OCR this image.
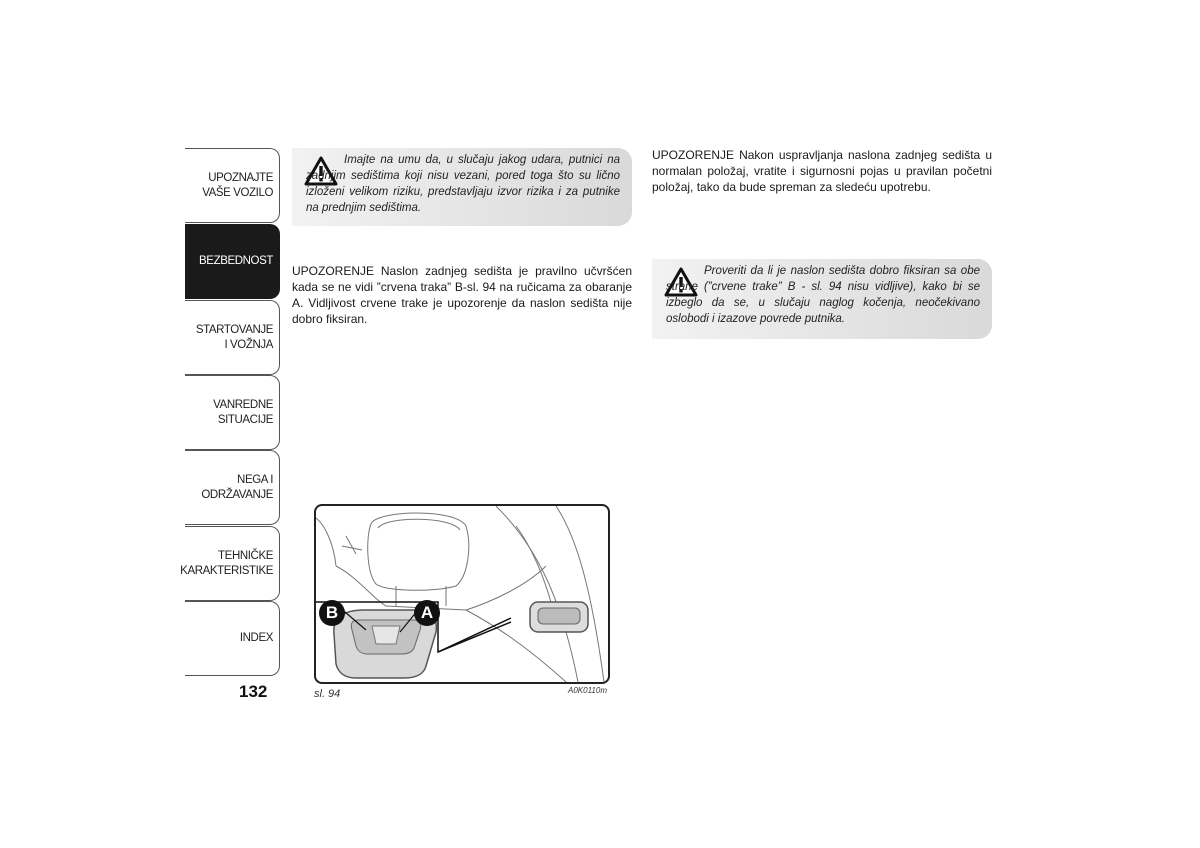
UPOZNAJTE
VAŠE VOZILO
BEZBEDNOST
STARTOVANJE
I VOŽNJA
VANREDNE
SITUACIJE
NEGA I
ODRŽAVANJE
TEHNIČKE
KARAKTERISTIKE
INDEX
132
Imajte na umu da, u slučaju jakog udara, putnici na zadnjim sedištima koji nisu vezani, pored toga što su lično izloženi velikom riziku, predstavljaju izvor rizika i za putnike na prednjim sedištima.
UPOZORENJE Naslon zadnjeg sedišta je pravilno učvršćen kada se ne vidi ”crvena traka” B-sl. 94 na ručicama za obaranje A. Vidljivost crvene trake je upozorenje da naslon sedišta nije dobro fiksiran.
B	A
sl. 94	A0K0110m
UPOZORENJE Nakon uspravljanja naslona zadnjeg sedišta u normalan položaj, vratite i sigurnosni pojas u pravilan početni položaj, tako da bude spreman za sledeću upotrebu.
Proveriti da li je naslon sedišta dobro fiksiran sa obe strane (”crvene trake” B - sl. 94 nisu vidljive), kako bi se izbeglo da se, u slučaju naglog kočenja, neočekivano oslobodi i izazove povrede putnika.
